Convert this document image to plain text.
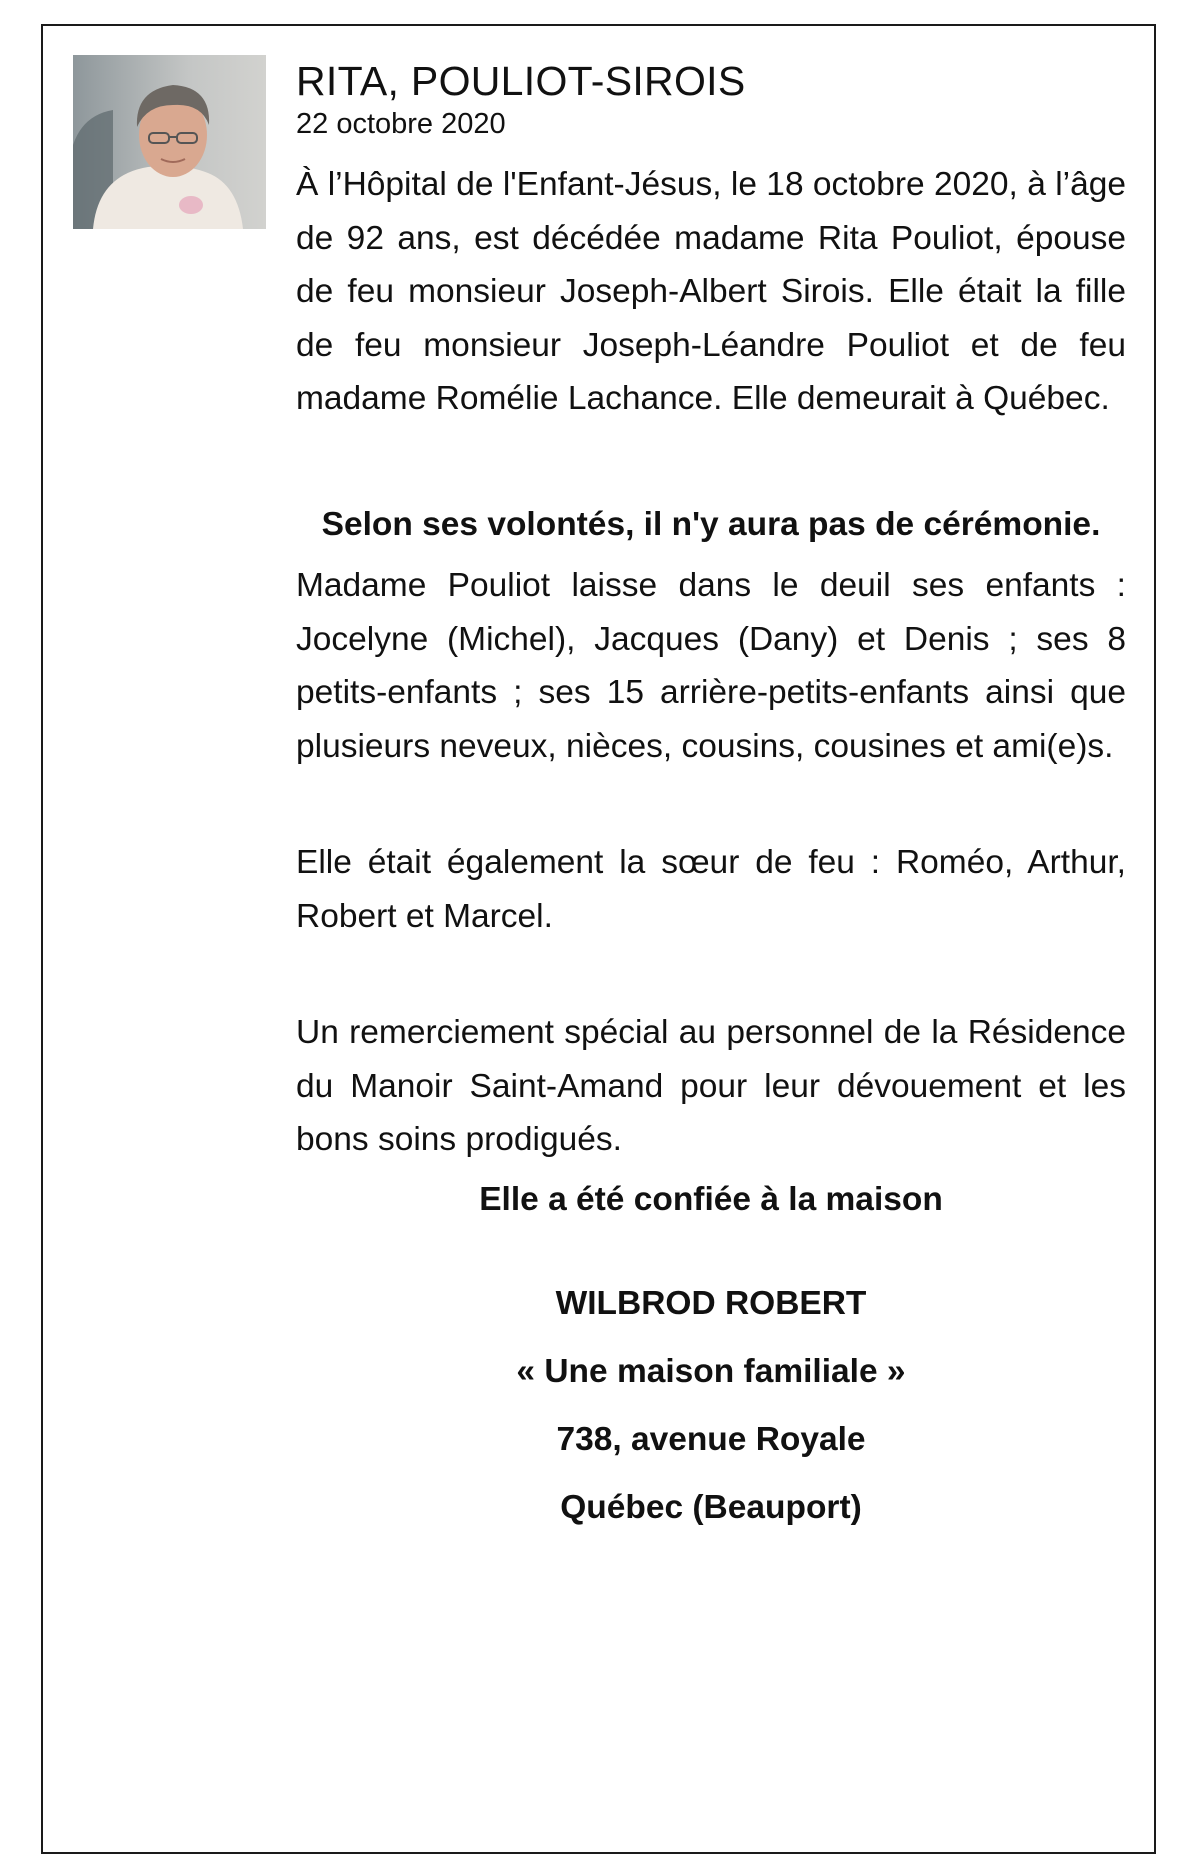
RITA, POULIOT-SIROIS
22 octobre 2020

À l’Hôpital de l'Enfant-Jésus, le 18 octobre 2020, à l’âge de 92 ans, est décédée madame Rita Pouliot, épouse de feu monsieur Joseph-Albert Sirois. Elle était la fille de feu monsieur Joseph-Léandre Pouliot et de feu madame Romélie Lachance. Elle demeurait à Québec.

Selon ses volontés, il n'y aura pas de cérémonie.

Madame Pouliot laisse dans le deuil ses enfants : Jocelyne (Michel), Jacques (Dany) et Denis ; ses 8 petits-enfants ; ses 15 arrière-petits-enfants ainsi que plusieurs neveux, nièces, cousins, cousines et ami(e)s.

Elle était également la sœur de feu : Roméo, Arthur, Robert et Marcel.

Un remerciement spécial au personnel de la Résidence du Manoir Saint-Amand pour leur dévouement et les bons soins prodigués.

Elle a été confiée à la maison

WILBROD ROBERT

« Une maison familiale »

738, avenue Royale

Québec (Beauport)
